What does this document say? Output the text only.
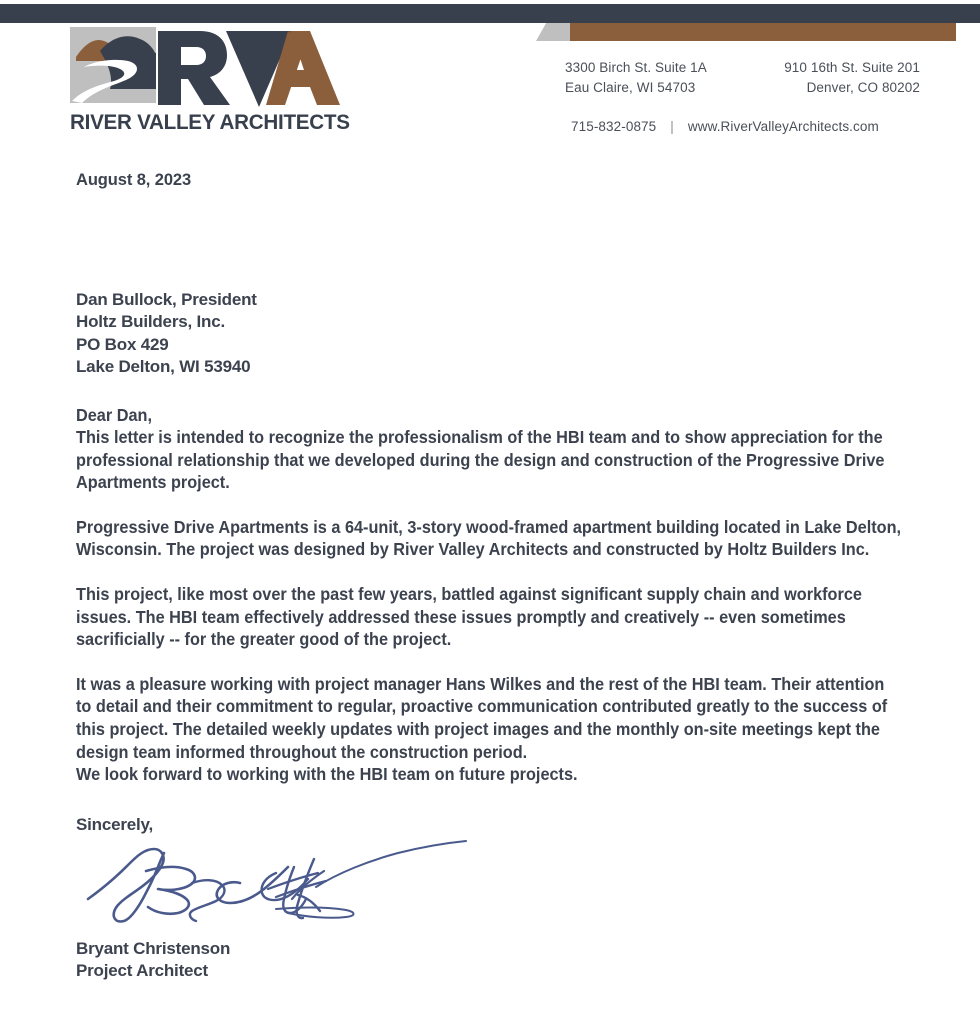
RIVER VALLEY ARCHITECTS
3300 Birch St. Suite 1A
Eau Claire, WI 54703
910 16th St. Suite 201
Denver, CO 80202
715-832-0875 | www.RiverValleyArchitects.com
August 8, 2023
Dan Bullock, President
Holtz Builders, Inc.
PO Box 429
Lake Delton, WI 53940
Dear Dan,
This letter is intended to recognize the professionalism of the HBI team and to show appreciation for the professional relationship that we developed during the design and construction of the Progressive Drive Apartments project.
Progressive Drive Apartments is a 64-unit, 3-story wood-framed apartment building located in Lake Delton, Wisconsin. The project was designed by River Valley Architects and constructed by Holtz Builders Inc.
This project, like most over the past few years, battled against significant supply chain and workforce issues. The HBI team effectively addressed these issues promptly and creatively -- even sometimes sacrificially -- for the greater good of the project.
It was a pleasure working with project manager Hans Wilkes and the rest of the HBI team. Their attention to detail and their commitment to regular, proactive communication contributed greatly to the success of this project. The detailed weekly updates with project images and the monthly on-site meetings kept the design team informed throughout the construction period.
We look forward to working with the HBI team on future projects.
Sincerely,
Bryant Christenson
Project Architect
